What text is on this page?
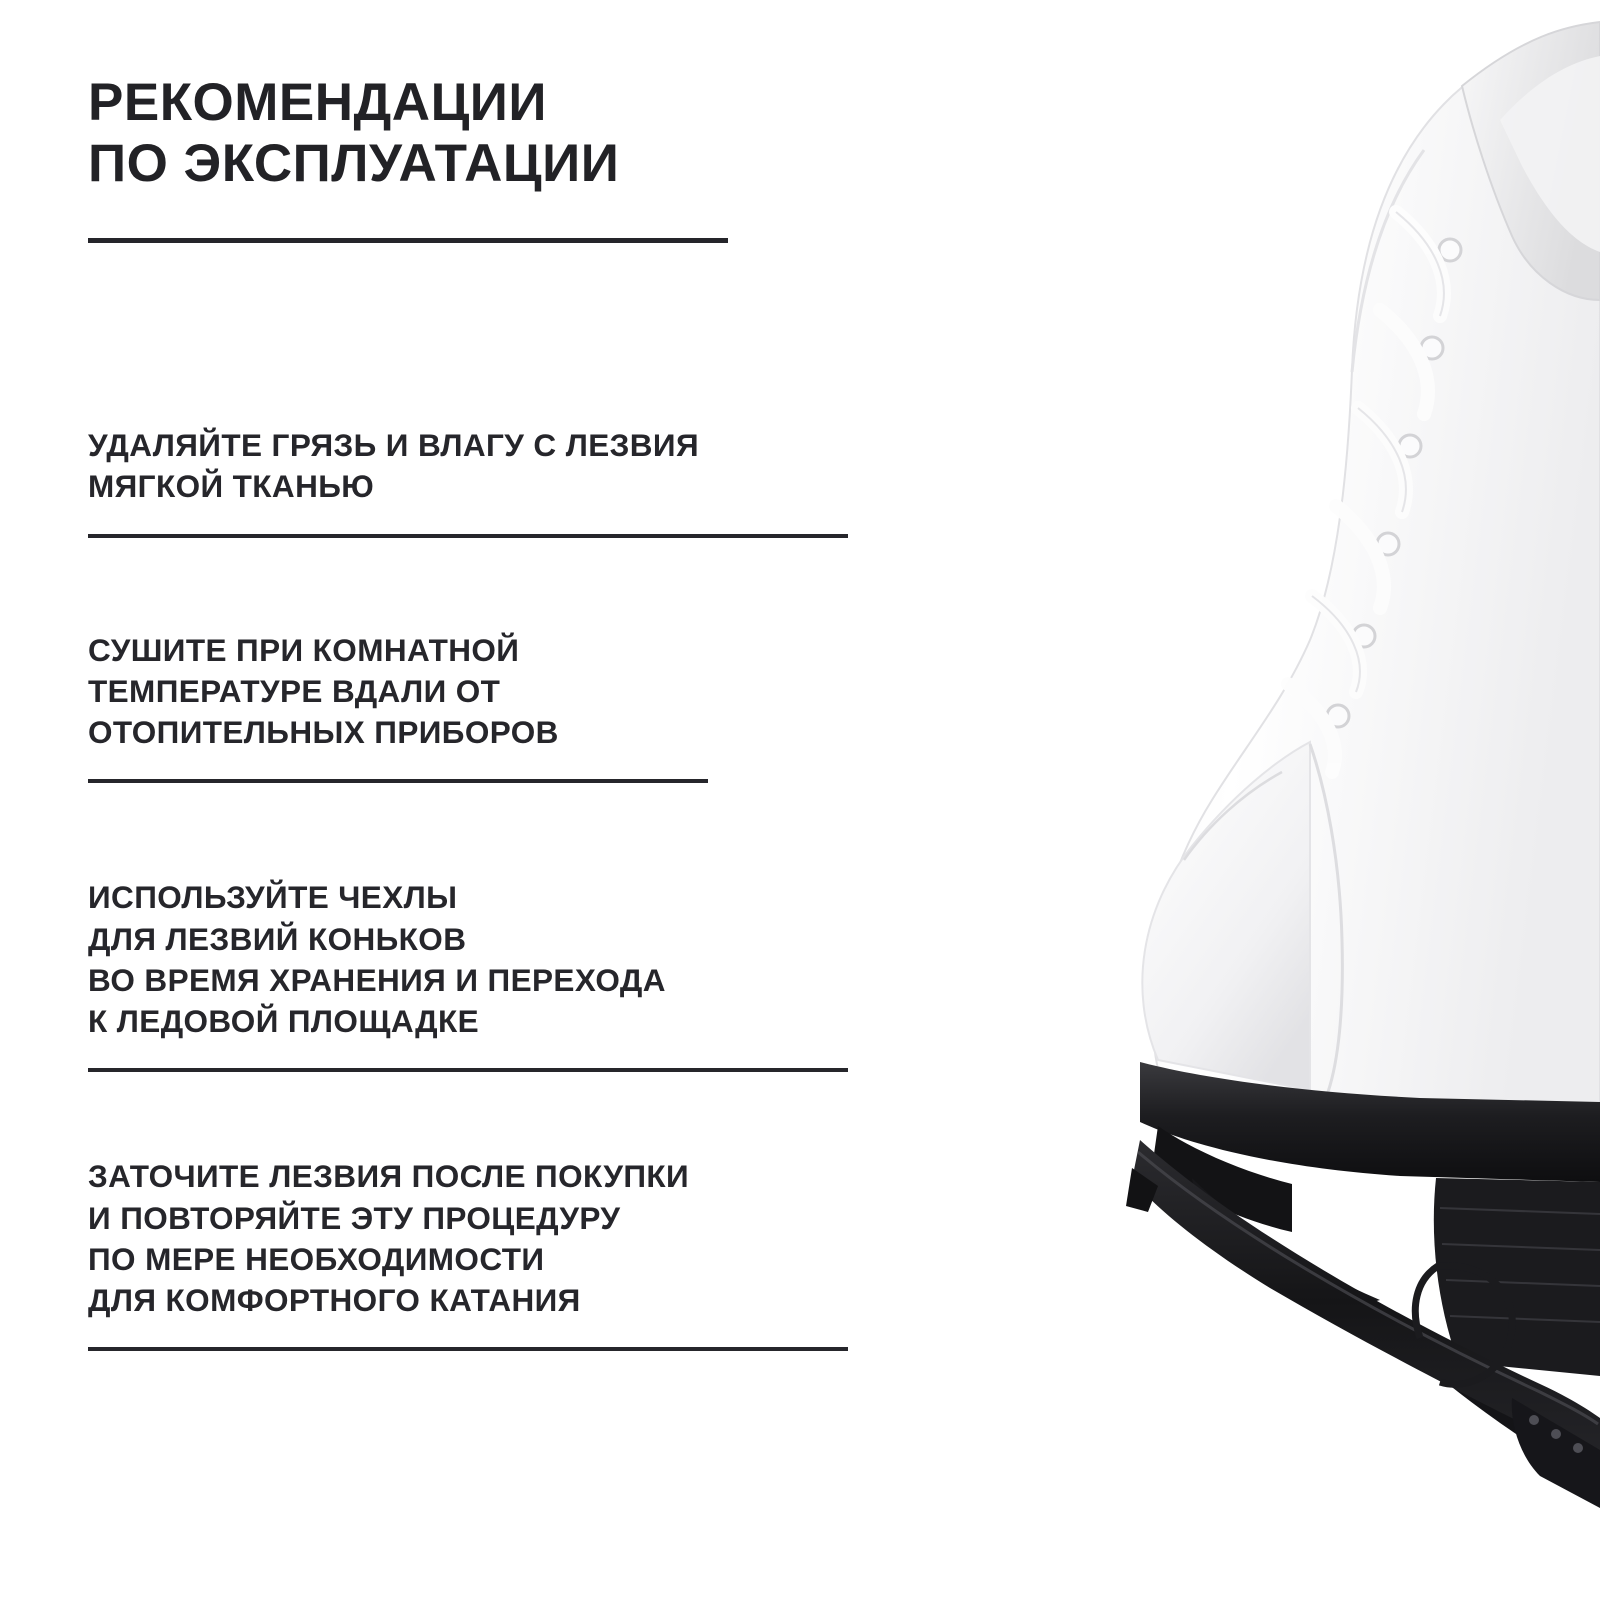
РЕКОМЕНДАЦИИ
ПО ЭКСПЛУАТАЦИИ

УДАЛЯЙТЕ ГРЯЗЬ И ВЛАГУ С ЛЕЗВИЯ
МЯГКОЙ ТКАНЬЮ

СУШИТЕ ПРИ КОМНАТНОЙ
ТЕМПЕРАТУРЕ ВДАЛИ ОТ
ОТОПИТЕЛЬНЫХ ПРИБОРОВ

ИСПОЛЬЗУЙТЕ ЧЕХЛЫ
ДЛЯ ЛЕЗВИЙ КОНЬКОВ
ВО ВРЕМЯ ХРАНЕНИЯ И ПЕРЕХОДА
К ЛЕДОВОЙ ПЛОЩАДКЕ

ЗАТОЧИТЕ ЛЕЗВИЯ ПОСЛЕ ПОКУПКИ
И ПОВТОРЯЙТЕ ЭТУ ПРОЦЕДУРУ
ПО МЕРЕ НЕОБХОДИМОСТИ
ДЛЯ КОМФОРТНОГО КАТАНИЯ
